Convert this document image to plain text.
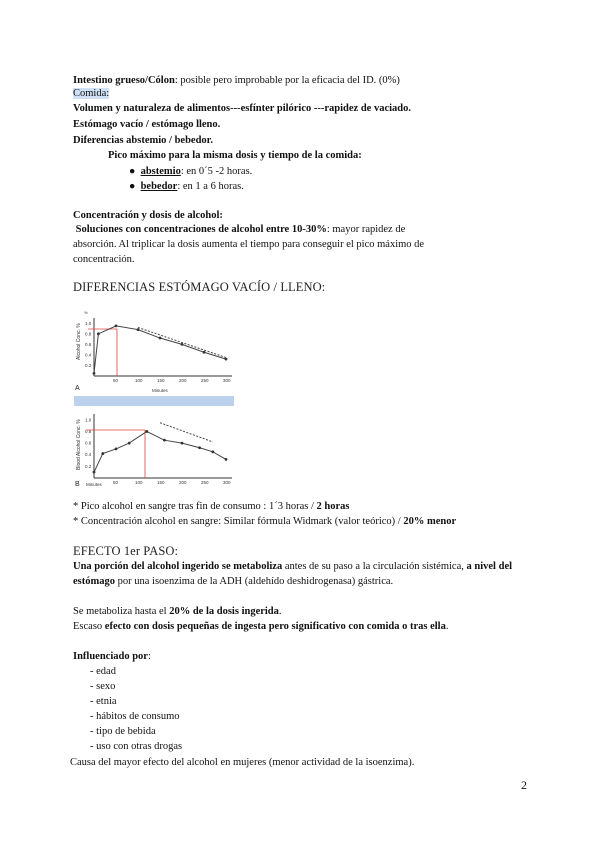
Intestino grueso/Cólon: posible pero improbable por la eficacia del ID. (0%)
Comida:
Volumen y naturaleza de alimentos---esfínter pilórico ---rapidez de vaciado.
Estómago vacío / estómago lleno.
Diferencias abstemio / bebedor.
Pico máximo para la misma dosis y tiempo de la comida:
●  abstemio: en 0´5 -2 horas.
●  bebedor: en 1 a 6 horas.
Concentración y dosis de alcohol:
Soluciones con concentraciones de alcohol entre 10-30%: mayor rapidez de absorción. Al triplicar la dosis aumenta el tiempo para conseguir el pico máximo de concentración.
DIFERENCIAS ESTÓMAGO VACÍO / LLENO:
%
1.0
0.8
0.6
0.4
0.2
50	100	150	200	250	300
Alcohol Conc. %
A	Minutes
1.0
0.8
0.6
0.4
0.2
50	100	150	200	250	300
Blood Alcohol Conc. %
B Minutes
* Pico alcohol en sangre tras fin de consumo : 1´3 horas / 2 horas
* Concentración alcohol en sangre: Similar fórmula Widmark (valor teórico) / 20% menor
EFECTO 1er PASO:
Una porción del alcohol ingerido se metaboliza antes de su paso a la circulación sistémica, a nivel del estómago por una isoenzima de la ADH (aldehído deshidrogenasa) gástrica.
Se metaboliza hasta el 20% de la dosis ingerida.
Escaso efecto con dosis pequeñas de ingesta pero significativo con comida o tras ella.
Influenciado por:
- edad
- sexo
- etnia
- hábitos de consumo
- tipo de bebida
- uso con otras drogas
Causa del mayor efecto del alcohol en mujeres (menor actividad de la isoenzima).
2
